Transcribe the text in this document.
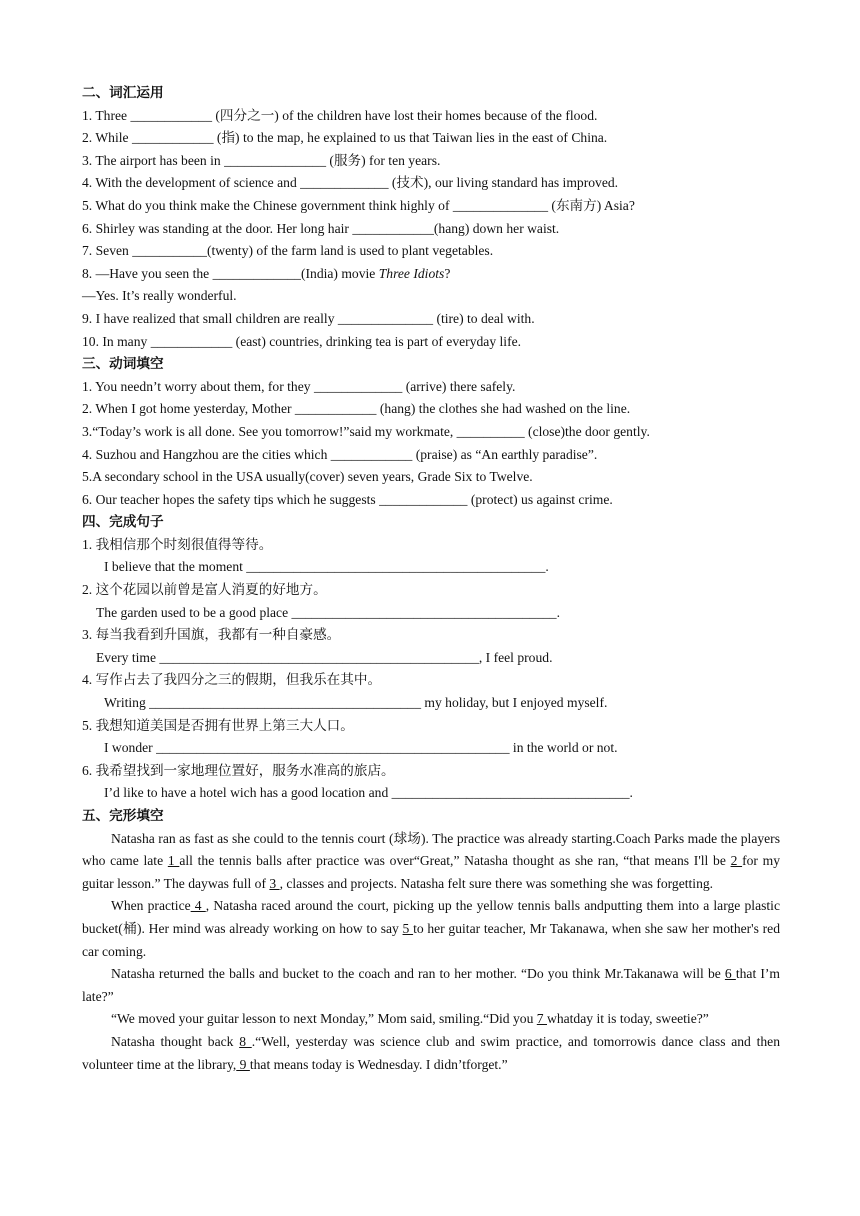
二、词汇运用
1. Three ____________ (四分之一) of the children have lost their homes because of the flood.
2. While ____________ (指) to the map, he explained to us that Taiwan lies in the east of China.
3. The airport has been in _______________ (服务) for ten years.
4. With the development of science and _____________ (技术), our living standard has improved.
5. What do you think make the Chinese government think highly of ______________ (东南方) Asia?
6. Shirley was standing at the door. Her long hair ____________(hang) down her waist.
7. Seven ___________(twenty) of the farm land is used to plant vegetables.
8. —Have you seen the _____________(India) movie Three Idiots?
—Yes. It’s really wonderful.
9. I have realized that small children are really ______________ (tire) to deal with.
10. In many ____________ (east) countries, drinking tea is part of everyday life.
三、动词填空
1. You needn’t worry about them, for they _____________ (arrive) there safely.
2. When I got home yesterday, Mother ____________ (hang) the clothes she had washed on the line.
3.“Today’s work is all done. See you tomorrow!”said my workmate, __________ (close)the door gently.
4. Suzhou and Hangzhou are the cities which ____________ (praise) as “An earthly paradise”.
5.A secondary school in the USA usually(cover) seven years, Grade Six to Twelve.
6. Our teacher hopes the safety tips which he suggests _____________ (protect) us against crime.
四、完成句子
1. 我相信那个时刻很值得等待。
I believe that the moment ____________________________________________.
2. 这个花园以前曾是富人消夏的好地方。
The garden used to be a good place _______________________________________.
3. 每当我看到升国旗，我都有一种自豪感。
Every time _______________________________________________, I feel proud.
4. 写作占去了我四分之三的假期，但我乐在其中。
Writing ________________________________________ my holiday, but I enjoyed myself.
5. 我想知道美国是否拥有世界上第三大人口。
I wonder ____________________________________________________ in the world or not.
6. 我希望找到一家地理位置好，服务水准高的旅店。
I’d like to have a hotel wich has a good location and ___________________________________.
五、完形填空
Natasha ran as fast as she could to the tennis court (球场). The practice was already starting.Coach Parks made the players who came late 1 all the tennis balls after practice was over“Great,” Natasha thought as she ran, “that means I'll be 2 for my guitar lesson.” The daywas full of 3 , classes and projects. Natasha felt sure there was something she was forgetting.
When practice 4 , Natasha raced around the court, picking up the yellow tennis balls andputting them into a large plastic bucket(桶). Her mind was already working on how to say 5 to her guitar teacher, Mr Takanawa, when she saw her mother's red car coming.
Natasha returned the balls and bucket to the coach and ran to her mother. “Do you think Mr.Takanawa will be 6 that I’m late?”
“We moved your guitar lesson to next Monday,” Mom said, smiling.“Did you 7 whatday it is today, sweetie?”
Natasha thought back 8 .“Well, yesterday was science club and swim practice, and tomorrowis dance class and then volunteer time at the library, 9 that means today is Wednesday. I didn’tforget.”
